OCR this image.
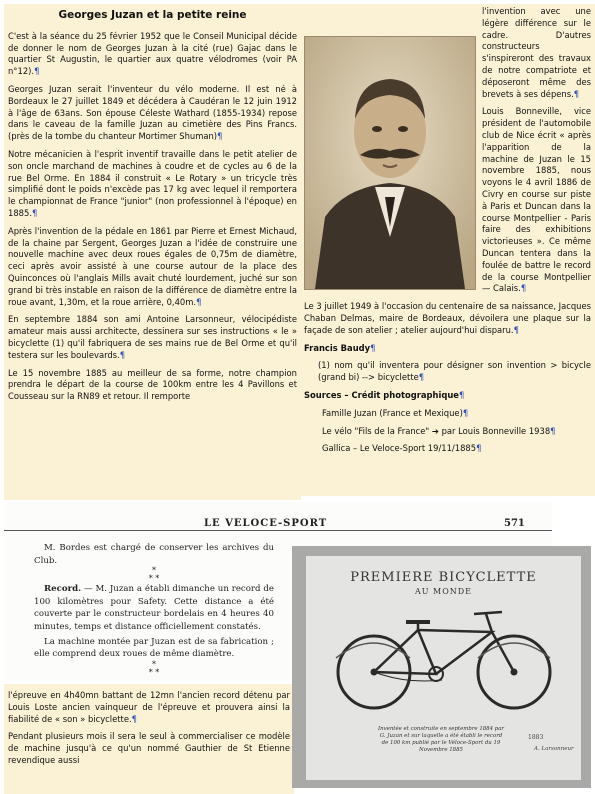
Georges Juzan et la petite reine

C'est à la séance du 25 février 1952 que le Conseil Municipal décide de donner le nom de Georges Juzan à la cité (rue) Gajac dans le quartier St Augustin, le quartier aux quatre vélodromes (voir PA n°12).¶

Georges Juzan serait l'inventeur du vélo moderne. Il est né à Bordeaux le 27 juillet 1849 et décédera à Caudéran le 12 juin 1912 à l'âge de 63ans. Son épouse Céleste Wathard (1855-1934) repose dans le caveau de la famille Juzan au cimetière des Pins Francs. (près de la tombe du chanteur Mortimer Shuman)¶

Notre mécanicien à l'esprit inventif travaille dans le petit atelier de son oncle marchand de machines à coudre et de cycles au 6 de la rue Bel Orme. En 1884 il construit « Le Rotary » un tricycle très simplifié dont le poids n'excède pas 17 kg avec lequel il remportera le championnat de France "junior" (non professionnel à l'époque) en 1885.¶

Après l'invention de la pédale en 1861 par Pierre et Ernest Michaud, de la chaine par Sergent, Georges Juzan a l'idée de construire une nouvelle machine avec deux roues égales de 0,75m de diamètre, ceci après avoir assisté à une course autour de la place des Quinconces où l'anglais Mills avait chuté lourdement, juché sur son grand bi très instable en raison de la différence de diamètre entre la roue avant, 1,30m, et la roue arrière, 0,40m.¶

En septembre 1884 son ami Antoine Larsonneur, vélocipédiste amateur mais aussi architecte, dessinera sur ses instructions « le » bicyclette (1) qu'il fabriquera de ses mains rue de Bel Orme et qu'il testera sur les boulevards.¶

Le 15 novembre 1885 au meilleur de sa forme, notre champion prendra le départ de la course de 100km entre les 4 Pavillons et Cousseau sur la RN89 et retour. Il remporte

l'invention avec une légère différence sur le cadre. D'autres constructeurs s'inspireront des travaux de notre compatriote et déposeront même des brevets à ses dépens.¶

Louis Bonneville, vice président de l'automobile club de Nice écrit « après l'apparition de la machine de Juzan le 15 novembre 1885, nous voyons le 4 avril 1886 de Civry en course sur piste à Paris et Duncan dans la course Montpellier - Paris faire des exhibitions victorieuses ». Ce même Duncan tentera dans la foulée de battre le record de la course Montpellier — Calais.¶

Le 3 juillet 1949 à l'occasion du centenaire de sa naissance, Jacques Chaban Delmas, maire de Bordeaux, dévoilera une plaque sur la façade de son atelier ; atelier aujourd'hui disparu.¶

Francis Baudy¶

(1) nom qu'il inventera pour désigner son invention > bicycle (grand bi) --> bicyclette¶

Sources – Crédit photographique¶

Famille Juzan (France et Mexique)¶

Le vélo "Fils de la France" ➔ par Louis Bonneville 1938¶

Gallica – Le Veloce-Sport 19/11/1885¶

LE VELOCE-SPORT	571
M. Bordes est chargé de conserver les archives du Club.
*
* *
Record. — M. Juzan a établi dimanche un record de 100 kilomètres pour Safety. Cette distance a été couverte par le constructeur bordelais en 4 heures 40 minutes, temps et distance officiellement constatés.
La machine montée par Juzan est de sa fabrication ; elle comprend deux roues de même diamètre.
*
* *

l'épreuve en 4h40mn battant de 12mn l'ancien record détenu par Louis Loste ancien vainqueur de l'épreuve et prouvera ainsi la fiabilité de « son » bicyclette.¶

Pendant plusieurs mois il sera le seul à commercialiser ce modèle de machine jusqu'à ce qu'un nommé Gauthier de St Etienne revendique aussi

PREMIERE BICYCLETTE
AU MONDE
Inventée et construite en septembre 1884 par G. Juzan et sur laquelle a été établi le record de 100 km publié par le Véloce-Sport du 19 Novembre 1885
1883
A. Larsonneur
